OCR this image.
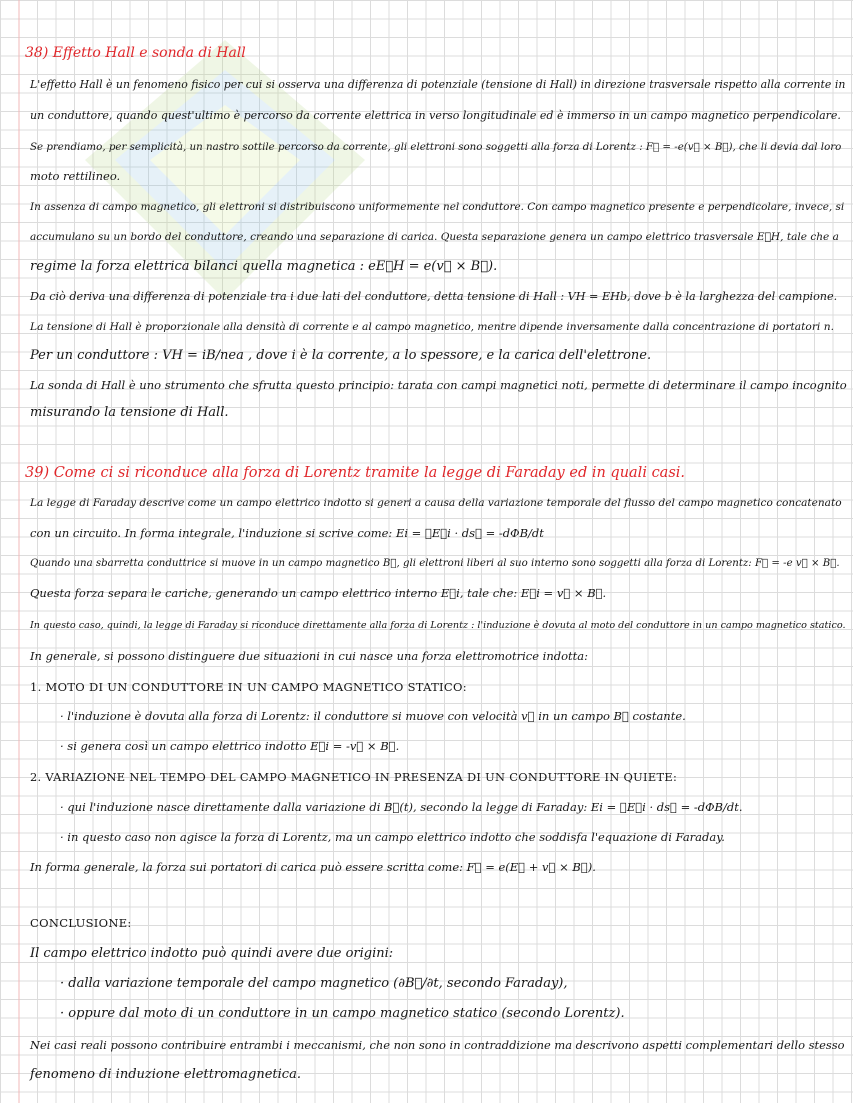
38) Effetto Hall e sonda di Hall
L'effetto Hall è un fenomeno fisico per cui si osserva una differenza di potenziale (tensione di Hall) in direzione trasversale rispetto alla corrente in
un conduttore, quando quest'ultimo è percorso da corrente elettrica in verso longitudinale ed è immerso in un campo magnetico perpendicolare.
Se prendiamo, per semplicità, un nastro sottile percorso da corrente, gli elettroni sono soggetti alla forza di Lorentz : F⃗ = -e(v⃗ × B⃗), che li devia dal loro
moto rettilineo.
In assenza di campo magnetico, gli elettroni si distribuiscono uniformemente nel conduttore. Con campo magnetico presente e perpendicolare, invece, si
accumulano su un bordo del conduttore, creando una separazione di carica. Questa separazione genera un campo elettrico trasversale E⃗H, tale che a
regime la forza elettrica bilanci quella magnetica : eE⃗H = e(v⃗ × B⃗).
Da ciò deriva una differenza di potenziale tra i due lati del conduttore, detta tensione di Hall : VH = EHb, dove b è la larghezza del campione.
La tensione di Hall è proporzionale alla densità di corrente e al campo magnetico, mentre dipende inversamente dalla concentrazione di portatori n.
Per un conduttore : VH = iB/nea , dove i è la corrente, a lo spessore, e la carica dell'elettrone.
La sonda di Hall è uno strumento che sfrutta questo principio: tarata con campi magnetici noti, permette di determinare il campo incognito
misurando la tensione di Hall.
39) Come ci si riconduce alla forza di Lorentz tramite la legge di Faraday ed in quali casi.
La legge di Faraday descrive come un campo elettrico indotto si generi a causa della variazione temporale del flusso del campo magnetico concatenato
con un circuito. In forma integrale, l'induzione si scrive come: Ei = ∮E⃗i · ds⃗ = -dΦB/dt
Quando una sbarretta conduttrice si muove in un campo magnetico B⃗, gli elettroni liberi al suo interno sono soggetti alla forza di Lorentz: F⃗ = -e v⃗ × B⃗.
Questa forza separa le cariche, generando un campo elettrico interno E⃗i, tale che: E⃗i = v⃗ × B⃗.
In questo caso, quindi, la legge di Faraday si riconduce direttamente alla forza di Lorentz : l'induzione è dovuta al moto del conduttore in un campo magnetico statico.
In generale, si possono distinguere due situazioni in cui nasce una forza elettromotrice indotta:
1. MOTO DI UN CONDUTTORE IN UN CAMPO MAGNETICO STATICO:
· l'induzione è dovuta alla forza di Lorentz: il conduttore si muove con velocità v⃗ in un campo B⃗ costante.
· si genera così un campo elettrico indotto E⃗i = -v⃗ × B⃗.
2. VARIAZIONE NEL TEMPO DEL CAMPO MAGNETICO IN PRESENZA DI UN CONDUTTORE IN QUIETE:
· qui l'induzione nasce direttamente dalla variazione di B⃗(t), secondo la legge di Faraday: Ei = ∮E⃗i · ds⃗ = -dΦB/dt.
· in questo caso non agisce la forza di Lorentz, ma un campo elettrico indotto che soddisfa l'equazione di Faraday.
In forma generale, la forza sui portatori di carica può essere scritta come: F⃗ = e(E⃗ + v⃗ × B⃗).
CONCLUSIONE:
Il campo elettrico indotto può quindi avere due origini:
· dalla variazione temporale del campo magnetico (∂B⃗/∂t, secondo Faraday),
· oppure dal moto di un conduttore in un campo magnetico statico (secondo Lorentz).
Nei casi reali possono contribuire entrambi i meccanismi, che non sono in contraddizione ma descrivono aspetti complementari dello stesso
fenomeno di induzione elettromagnetica.
